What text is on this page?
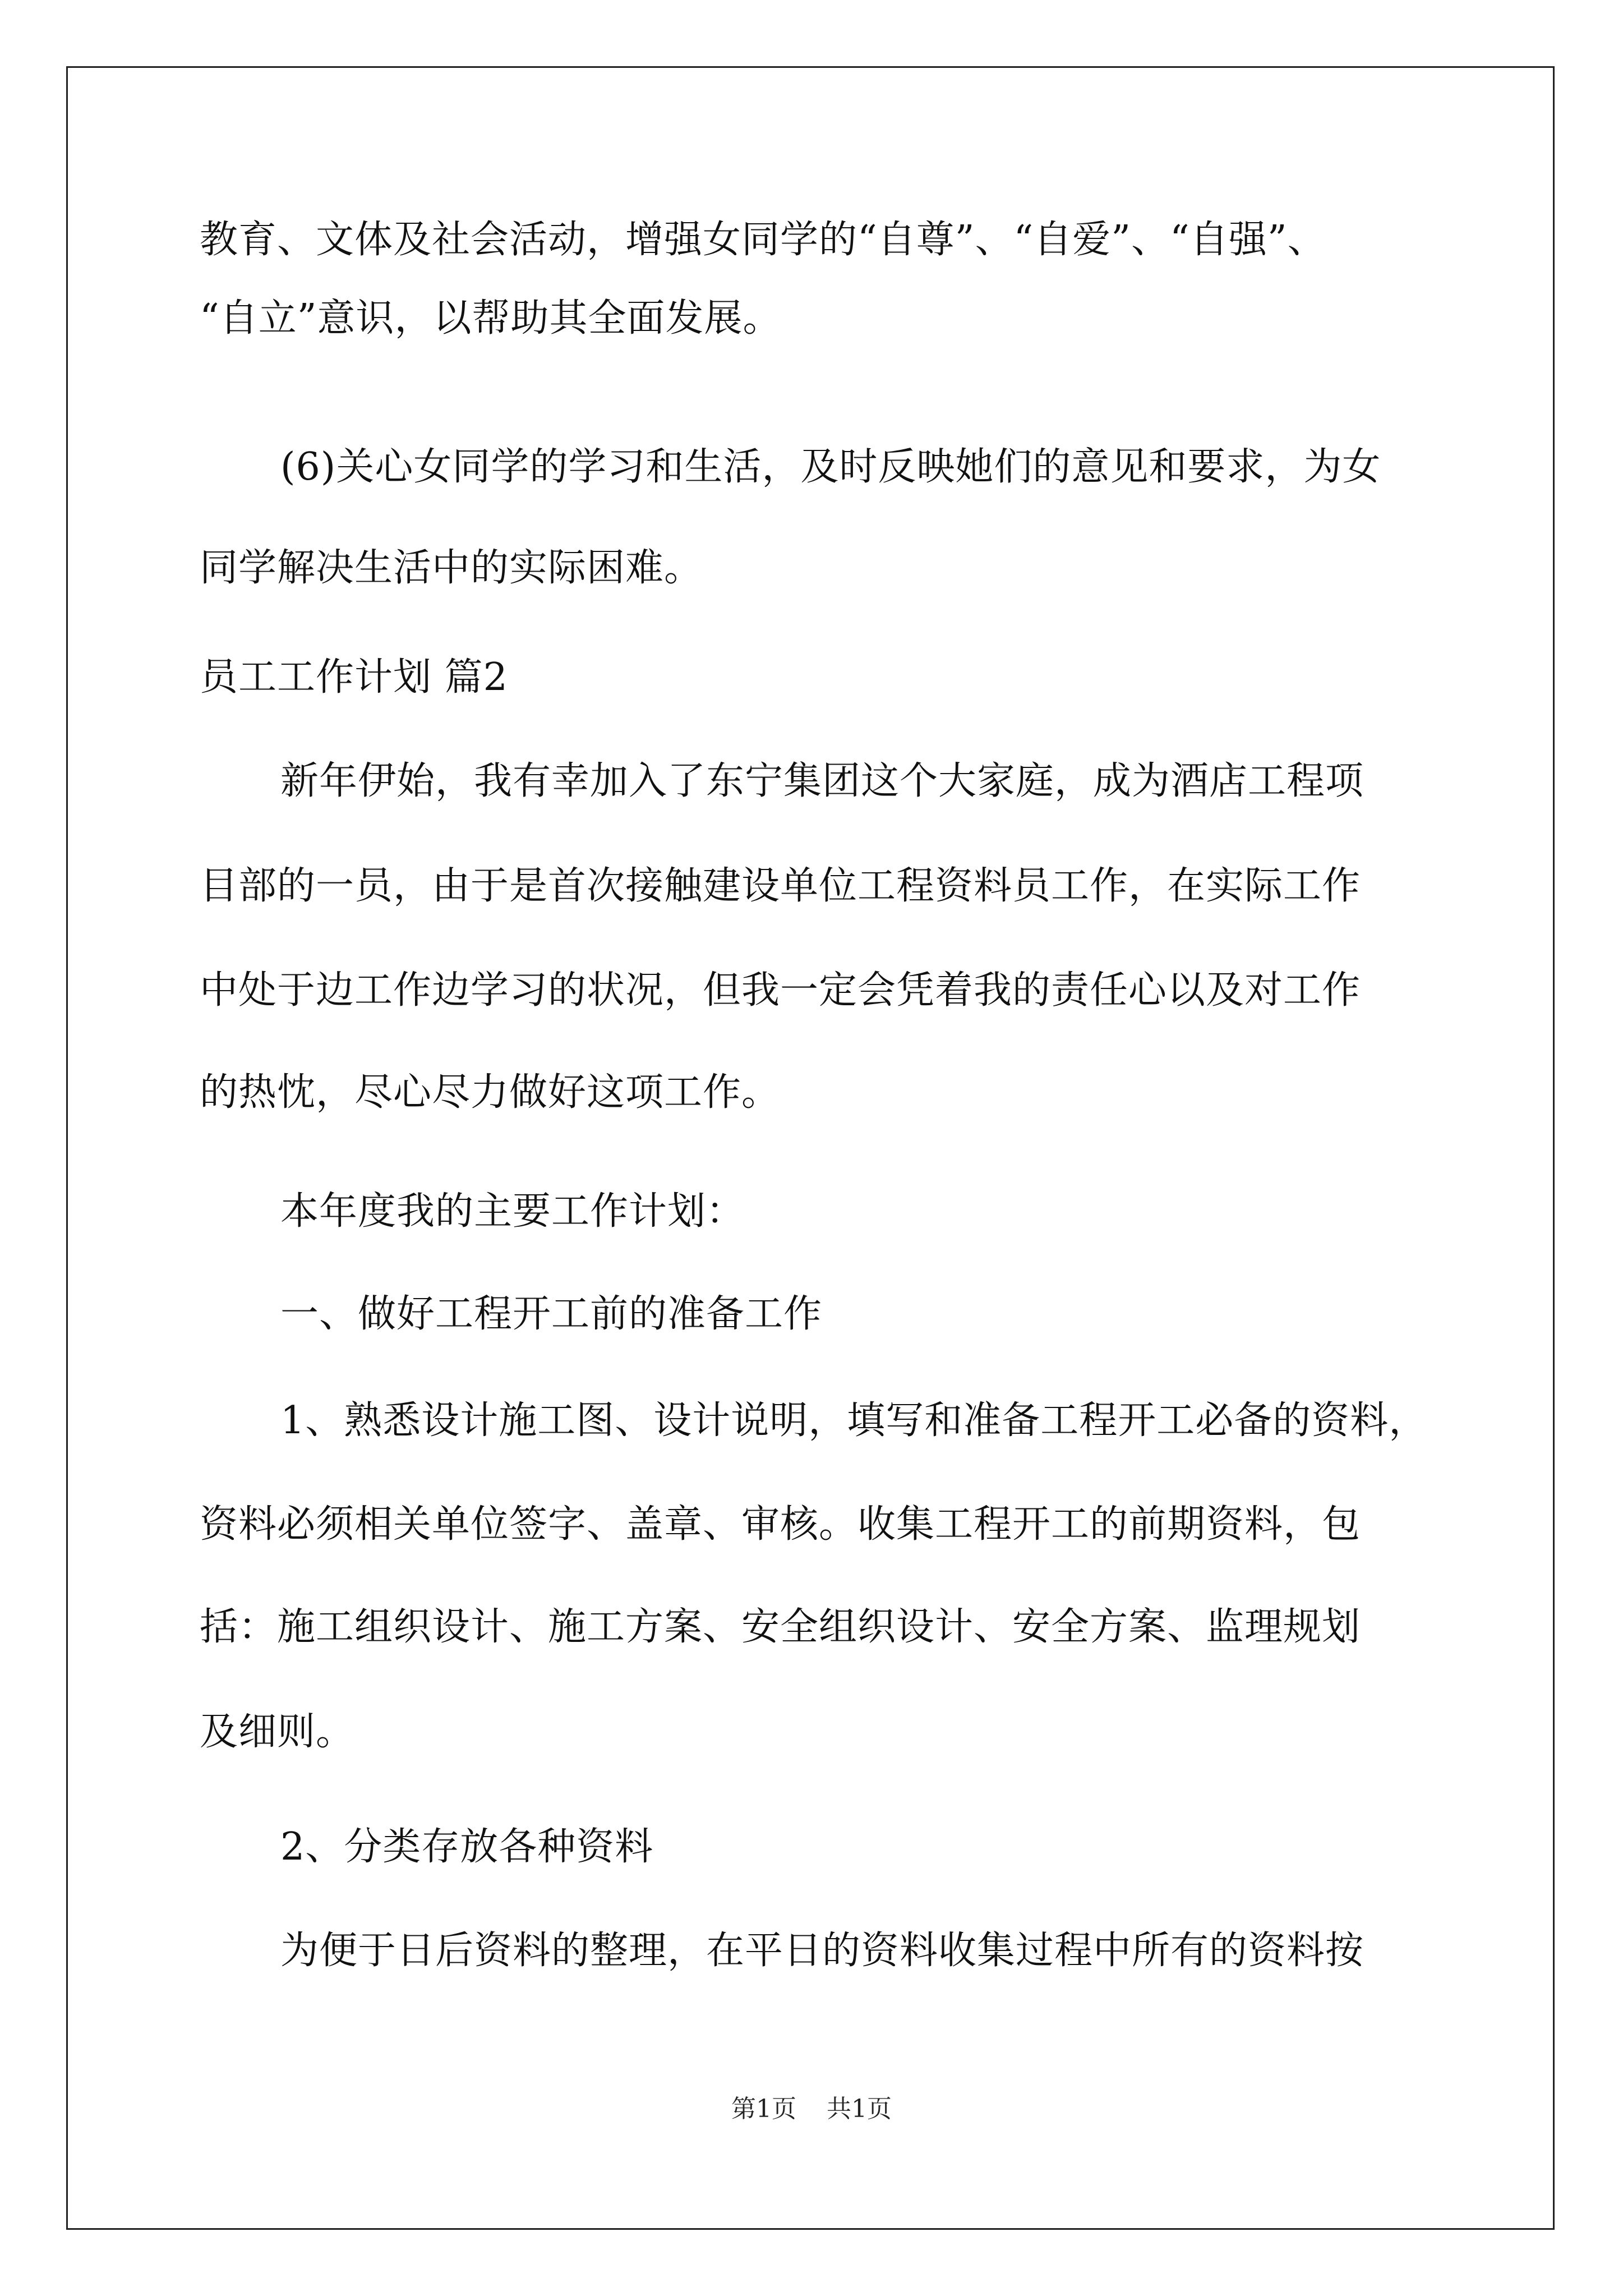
教育、文体及社会活动，增强女同学的“自尊”、“自爱”、“自强”、
“自立”意识，以帮助其全面发展。
(6)关心女同学的学习和生活，及时反映她们的意见和要求，为女
同学解决生活中的实际困难。
员工工作计划 篇2
新年伊始，我有幸加入了东宁集团这个大家庭，成为酒店工程项
目部的一员，由于是首次接触建设单位工程资料员工作，在实际工作
中处于边工作边学习的状况，但我一定会凭着我的责任心以及对工作
的热忱，尽心尽力做好这项工作。
本年度我的主要工作计划：
一、做好工程开工前的准备工作
1、熟悉设计施工图、设计说明，填写和准备工程开工必备的资料，
资料必须相关单位签字、盖章、审核。收集工程开工的前期资料，包
括：施工组织设计、施工方案、安全组织设计、安全方案、监理规划
及细则。
2、分类存放各种资料
为便于日后资料的整理，在平日的资料收集过程中所有的资料按
第1页 共1页
